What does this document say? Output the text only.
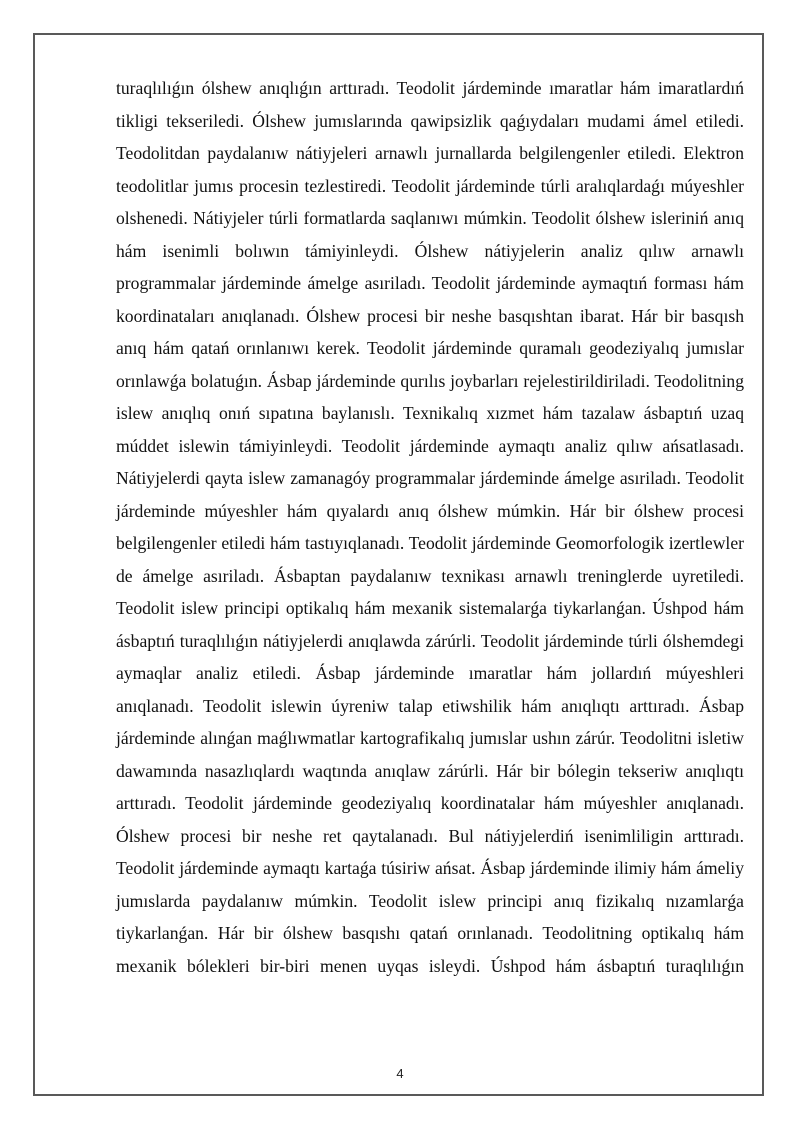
turaqlılıǵın ólshew anıqlıǵın arttıradı. Teodolit járdeminde ımaratlar hám imaratlardıń tikligi tekseriledi. Ólshew jumıslarında qawipsizlik qaǵıydaları mudami ámel etiledi. Teodolitdan paydalanıw nátiyjeleri arnawlı jurnallarda belgilengenler etiledi. Elektron teodolitlar jumıs procesin tezlestiredi. Teodolit járdeminde túrli aralıqlardaǵı múyeshler olshenedi. Nátiyjeler túrli formatlarda saqlanıwı múmkin. Teodolit ólshew isleriniń anıq hám isenimli bolıwın támiyinleydi. Ólshew nátiyjelerin analiz qılıw arnawlı programmalar járdeminde ámelge asıriladı. Teodolit járdeminde aymaqtıń forması hám koordinataları anıqlanadı. Ólshew procesi bir neshe basqıshtan ibarat. Hár bir basqısh anıq hám qatań orınlanıwı kerek. Teodolit járdeminde quramalı geodeziyalıq jumıslar orınlawǵa bolatuǵın. Ásbap járdeminde qurılıs joybarları rejelestirildiriladi. Teodolitning islew anıqlıq onıń sıpatına baylanıslı. Texnikalıq xızmet hám tazalaw ásbaptıń uzaq múddet islewin támiyinleydi. Teodolit járdeminde aymaqtı analiz qılıw ańsatlasadı. Nátiyjelerdi qayta islew zamanagóy programmalar járdeminde ámelge asıriladı. Teodolit járdeminde múyeshler hám qıyalardı anıq ólshew múmkin. Hár bir ólshew procesi belgilengenler etiledi hám tastıyıqlanadı. Teodolit járdeminde Geomorfologik izertlewler de ámelge asıriladı. Ásbaptan paydalanıw texnikası arnawlı treninglerde uyretiledi. Teodolit islew principi optikalıq hám mexanik sistemalarǵa tiykarlanǵan. Úshpod hám ásbaptıń turaqlılıǵın nátiyjelerdi anıqlawda zárúrli. Teodolit járdeminde túrli ólshemdegi aymaqlar analiz etiledi. Ásbap járdeminde ımaratlar hám jollardıń múyeshleri anıqlanadı. Teodolit islewin úyreniw talap etiwshilik hám anıqlıqtı arttıradı. Ásbap járdeminde alınǵan maǵlıwmatlar kartografikalıq jumıslar ushın zárúr. Teodolitni isletiw dawamında nasazlıqlardı waqtında anıqlaw zárúrli. Hár bir bólegin tekseriw anıqlıqtı arttıradı. Teodolit járdeminde geodeziyalıq koordinatalar hám múyeshler anıqlanadı. Ólshew procesi bir neshe ret qaytalanadı. Bul nátiyjelerdiń isenimliligin arttıradı. Teodolit járdeminde aymaqtı kartaǵa túsiriw ańsat. Ásbap járdeminde ilimiy hám ámeliy jumıslarda paydalanıw múmkin. Teodolit islew principi anıq fizikalıq nızamlarǵa tiykarlanǵan. Hár bir ólshew basqıshı qatań orınlanadı. Teodolitning optikalıq hám mexanik bólekleri bir-biri menen uyqas isleydi. Úshpod hám ásbaptıń turaqlılıǵın

4
